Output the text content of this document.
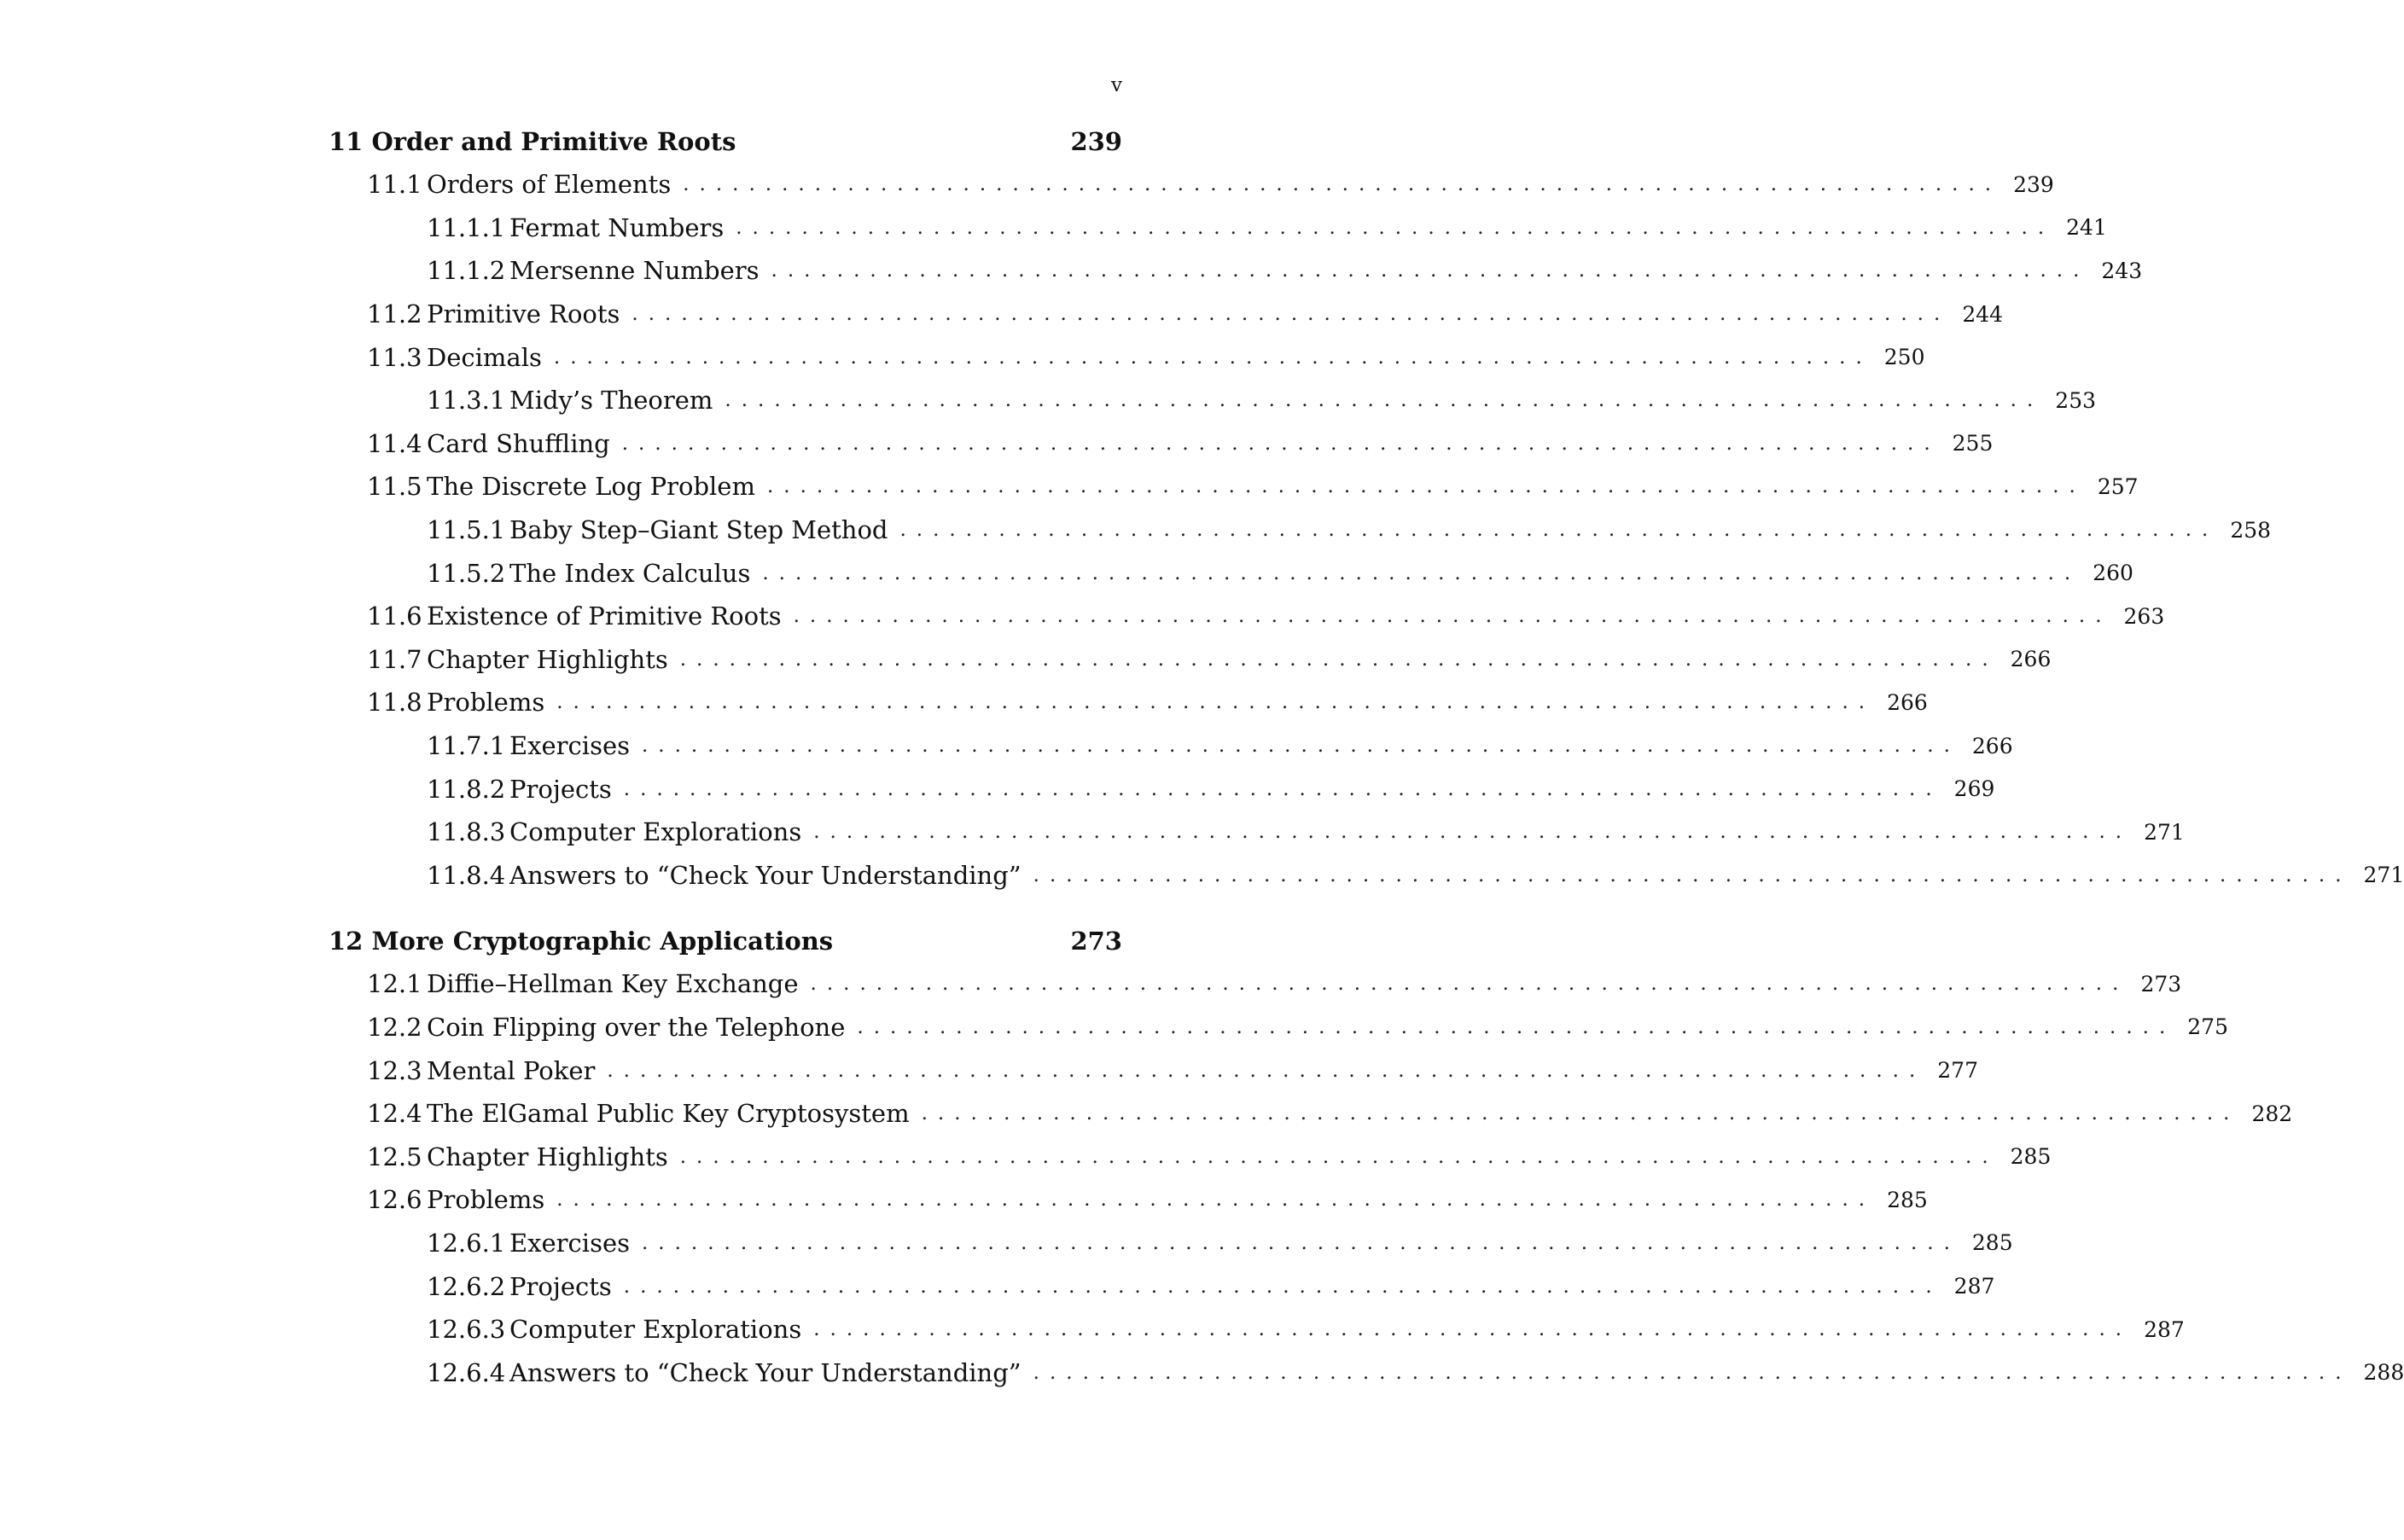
v
11 Order and Primitive Roots	239
11.1 Orders of Elements ................................................................................ 239
11.1.1 Fermat Numbers ................................................................................ 241
11.1.2 Mersenne Numbers ................................................................................ 243
11.2 Primitive Roots ................................................................................ 244
11.3 Decimals ................................................................................ 250
11.3.1 Midy’s Theorem ................................................................................ 253
11.4 Card Shuffling ................................................................................ 255
11.5 The Discrete Log Problem ................................................................................ 257
11.5.1 Baby Step–Giant Step Method ................................................................................ 258
11.5.2 The Index Calculus ................................................................................ 260
11.6 Existence of Primitive Roots ................................................................................ 263
11.7 Chapter Highlights ................................................................................ 266
11.8 Problems ................................................................................ 266
11.7.1 Exercises ................................................................................ 266
11.8.2 Projects ................................................................................ 269
11.8.3 Computer Explorations ................................................................................ 271
11.8.4 Answers to “Check Your Understanding” ................................................................................ 271
12 More Cryptographic Applications	273
12.1 Diffie–Hellman Key Exchange ................................................................................ 273
12.2 Coin Flipping over the Telephone ................................................................................ 275
12.3 Mental Poker ................................................................................ 277
12.4 The ElGamal Public Key Cryptosystem ................................................................................ 282
12.5 Chapter Highlights ................................................................................ 285
12.6 Problems ................................................................................ 285
12.6.1 Exercises ................................................................................ 285
12.6.2 Projects ................................................................................ 287
12.6.3 Computer Explorations ................................................................................ 287
12.6.4 Answers to “Check Your Understanding” ................................................................................ 288
